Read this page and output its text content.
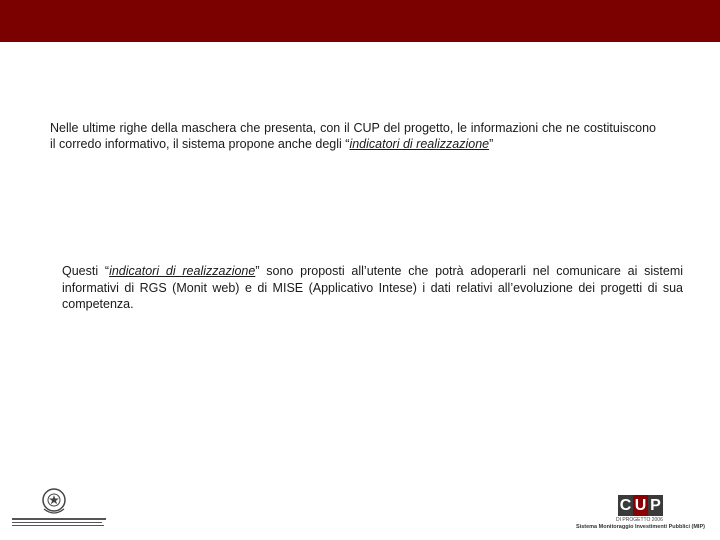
Nelle ultime righe della maschera che presenta, con il CUP del progetto, le informazioni che ne costituiscono il corredo informativo, il sistema propone anche degli “indicatori di realizzazione”

Questi “indicatori di realizzazione” sono proposti all’utente che potrà adoperarli nel comunicare ai sistemi informativi di RGS (Monit web) e di MISE (Applicativo Intese) i dati relativi all’evoluzione dei progetti di sua competenza.

C U P
DI PROGETTO 2006
Sistema Monitoraggio Investimenti Pubblici (MIP)
